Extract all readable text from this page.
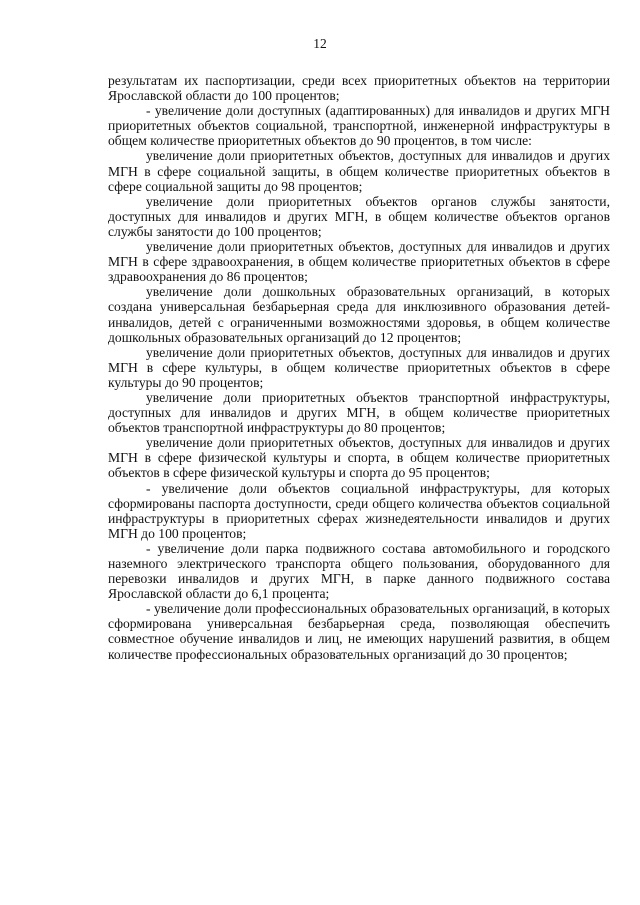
12

результатам их паспортизации, среди всех приоритетных объектов на территории Ярославской области до 100 процентов;

- увеличение доли доступных (адаптированных) для инвалидов и других МГН приоритетных объектов социальной, транспортной, инженерной инфраструктуры в общем количестве приоритетных объектов до 90 процентов, в том числе:

увеличение доли приоритетных объектов, доступных для инвалидов и других МГН в сфере социальной защиты, в общем количестве приоритетных объектов в сфере социальной защиты до 98 процентов;

увеличение доли приоритетных объектов органов службы занятости, доступных для инвалидов и других МГН, в общем количестве объектов органов службы занятости до 100 процентов;

увеличение доли приоритетных объектов, доступных для инвалидов и других МГН в сфере здравоохранения, в общем количестве приоритетных объектов в сфере здравоохранения до 86 процентов;

увеличение доли дошкольных образовательных организаций, в которых создана универсальная безбарьерная среда для инклюзивного образования детей-инвалидов, детей с ограниченными возможностями здоровья, в общем количестве дошкольных образовательных организаций до 12 процентов;

увеличение доли приоритетных объектов, доступных для инвалидов и других МГН в сфере культуры, в общем количестве приоритетных объектов в сфере культуры до 90 процентов;

увеличение доли приоритетных объектов транспортной инфраструктуры, доступных для инвалидов и других МГН, в общем количестве приоритетных объектов транспортной инфраструктуры до 80 процентов;

увеличение доли приоритетных объектов, доступных для инвалидов и других МГН в сфере физической культуры и спорта, в общем количестве приоритетных объектов в сфере физической культуры и спорта до 95 процентов;

- увеличение доли объектов социальной инфраструктуры, для которых сформированы паспорта доступности, среди общего количества объектов социальной инфраструктуры в приоритетных сферах жизнедеятельности инвалидов и других МГН до 100 процентов;

- увеличение доли парка подвижного состава автомобильного и городского наземного электрического транспорта общего пользования, оборудованного для перевозки инвалидов и других МГН, в парке данного подвижного состава Ярославской области до 6,1 процента;

- увеличение доли профессиональных образовательных организаций, в которых сформирована универсальная безбарьерная среда, позволяющая обеспечить совместное обучение инвалидов и лиц, не имеющих нарушений развития, в общем количестве профессиональных образовательных организаций до 30 процентов;
